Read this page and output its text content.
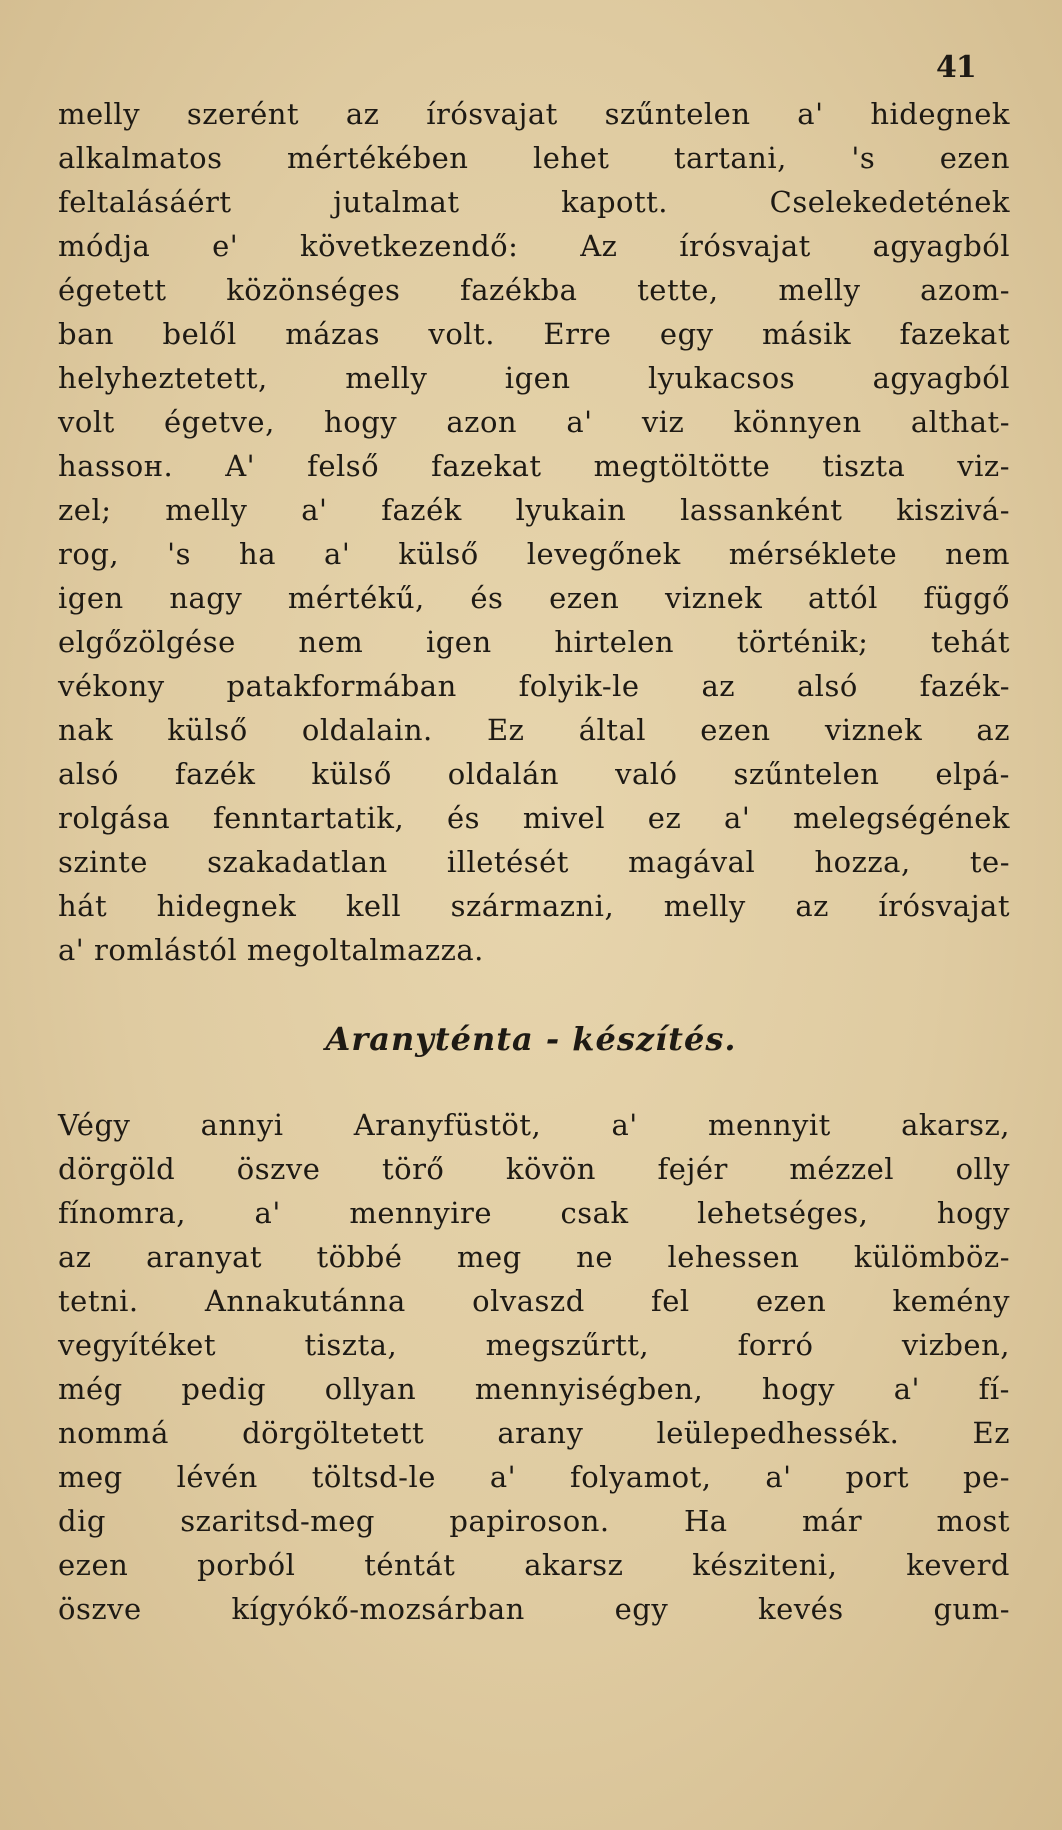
41
melly szerént az írósvajat szűntelen a' hidegnek
alkalmatos mértékében lehet tartani, 's ezen
feltalásáért jutalmat kapott. Cselekedetének
módja e' következendő: Az írósvajat agyagból
égetett közönséges fazékba tette, melly azom-
ban belől mázas volt. Erre egy másik fazekat
helyheztetett, melly igen lyukacsos agyagból
volt égetve, hogy azon a' viz könnyen althat-
hassoн. A' felső fazekat megtöltötte tiszta viz-
zel; melly a' fazék lyukain lassanként kiszivá-
rog, 's ha a' külső levegőnek mérséklete nem
igen nagy mértékű, és ezen viznek attól függő
elgőzölgése nem igen hirtelen történik; tehát
vékony patakformában folyik-le az alsó fazék-
nak külső oldalain. Ez által ezen viznek az
alsó fazék külső oldalán való szűntelen elpá-
rolgása fenntartatik, és mivel ez a' melegségének
szinte szakadatlan illetését magával hozza, te-
hát hidegnek kell származni, melly az írósvajat
a' romlástól megoltalmazza.
Aranyténta - készítés.
Végy annyi Aranyfüstöt, a' mennyit akarsz,
dörgöld öszve törő kövön fejér mézzel olly
fínomra, a' mennyire csak lehetséges, hogy
az aranyat többé meg ne lehessen külömböz-
tetni. Annakutánna olvaszd fel ezen kemény
vegyítéket tiszta, megszűrtt, forró vizben,
még pedig ollyan mennyiségben, hogy a' fí-
nommá dörgöltetett arany leülepedhessék. Ez
meg lévén töltsd-le a' folyamot, a' port pe-
dig szaritsd-meg papiroson. Ha már most
ezen porból téntát akarsz késziteni, keverd
öszve kígyókő-mozsárban egy kevés gum-
